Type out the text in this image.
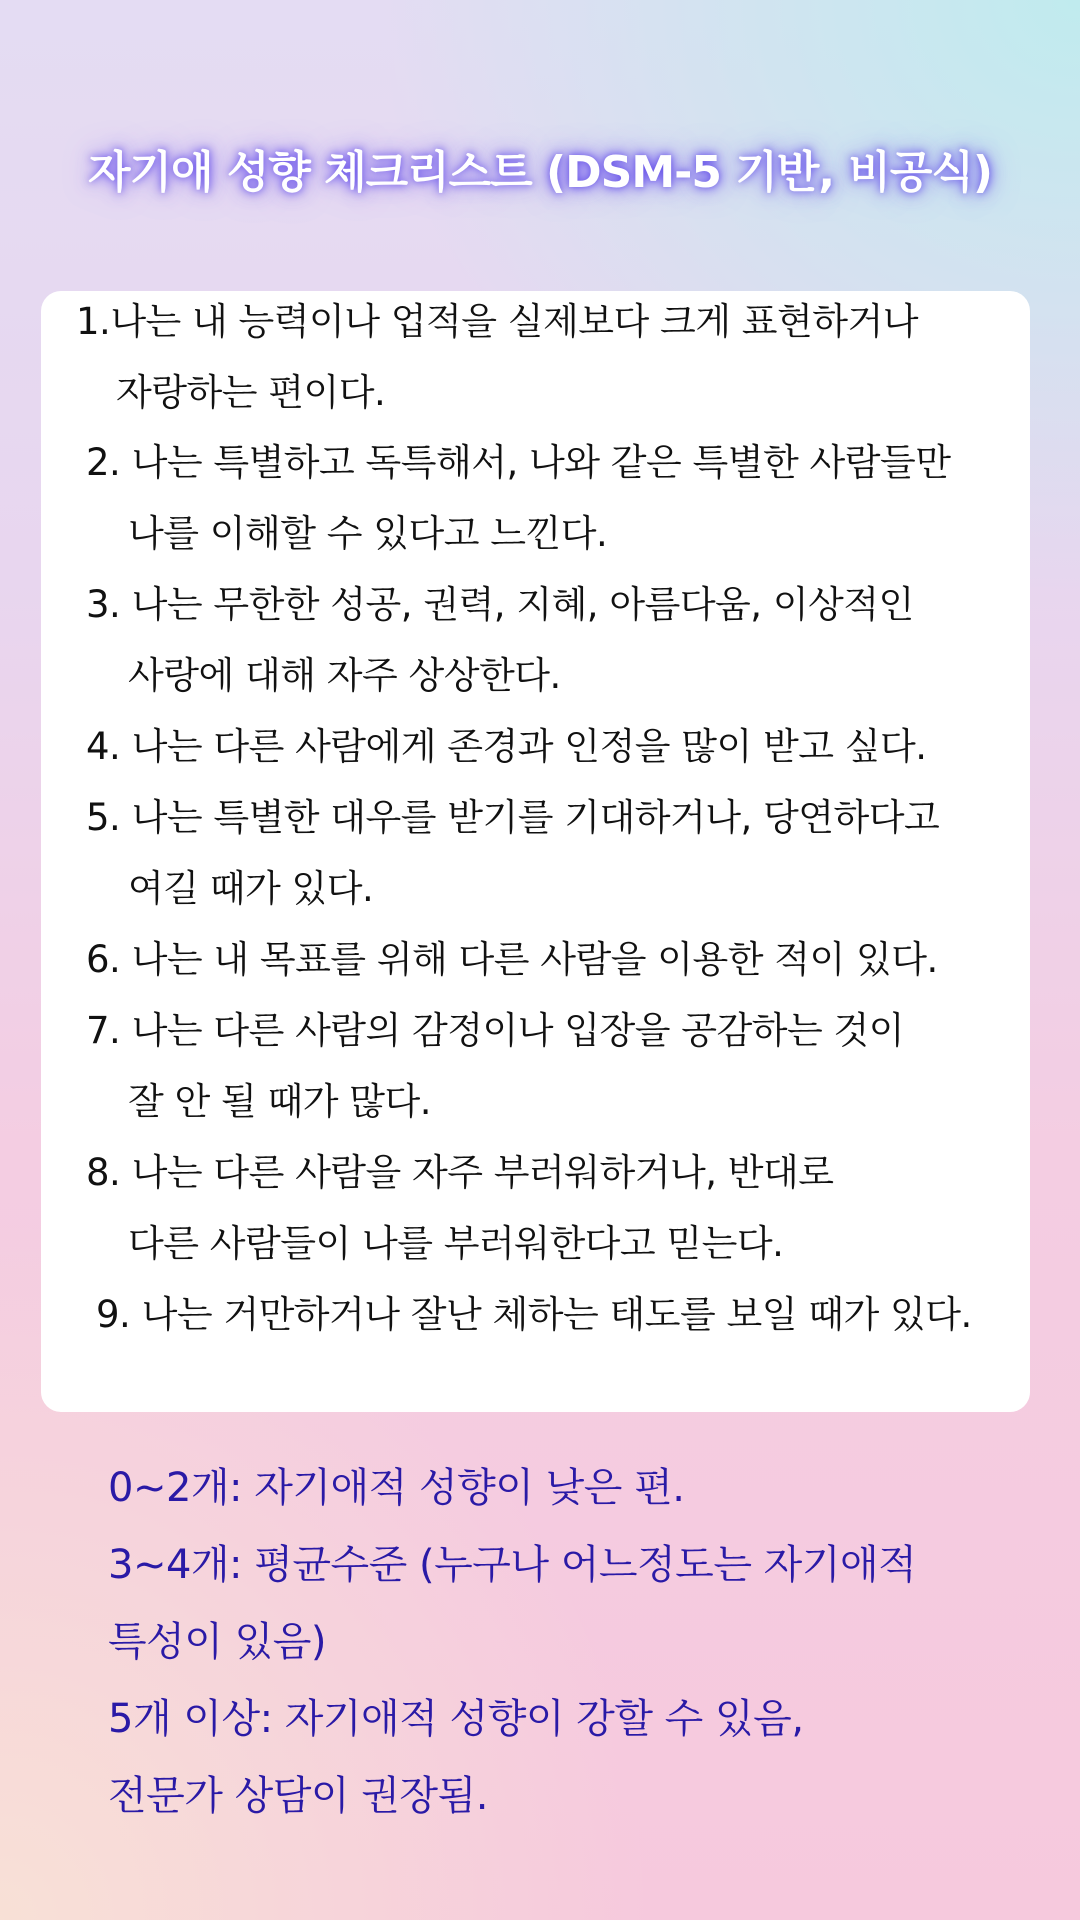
자기애 성향 체크리스트 (DSM-5 기반, 비공식)
1.나는 내 능력이나 업적을 실제보다 크게 표현하거나
자랑하는 편이다.
2. 나는 특별하고 독특해서, 나와 같은 특별한 사람들만
나를 이해할 수 있다고 느낀다.
3. 나는 무한한 성공, 권력, 지혜, 아름다움, 이상적인
사랑에 대해 자주 상상한다.
4. 나는 다른 사람에게 존경과 인정을 많이 받고 싶다.
5. 나는 특별한 대우를 받기를 기대하거나, 당연하다고
여길 때가 있다.
6. 나는 내 목표를 위해 다른 사람을 이용한 적이 있다.
7. 나는 다른 사람의 감정이나 입장을 공감하는 것이
잘 안 될 때가 많다.
8. 나는 다른 사람을 자주 부러워하거나, 반대로
다른 사람들이 나를 부러워한다고 믿는다.
9. 나는 거만하거나 잘난 체하는 태도를 보일 때가 있다.
0~2개: 자기애적 성향이 낮은 편.
3~4개: 평균수준 (누구나 어느정도는 자기애적
특성이 있음)
5개 이상: 자기애적 성향이 강할 수 있음,
전문가 상담이 권장됨.
